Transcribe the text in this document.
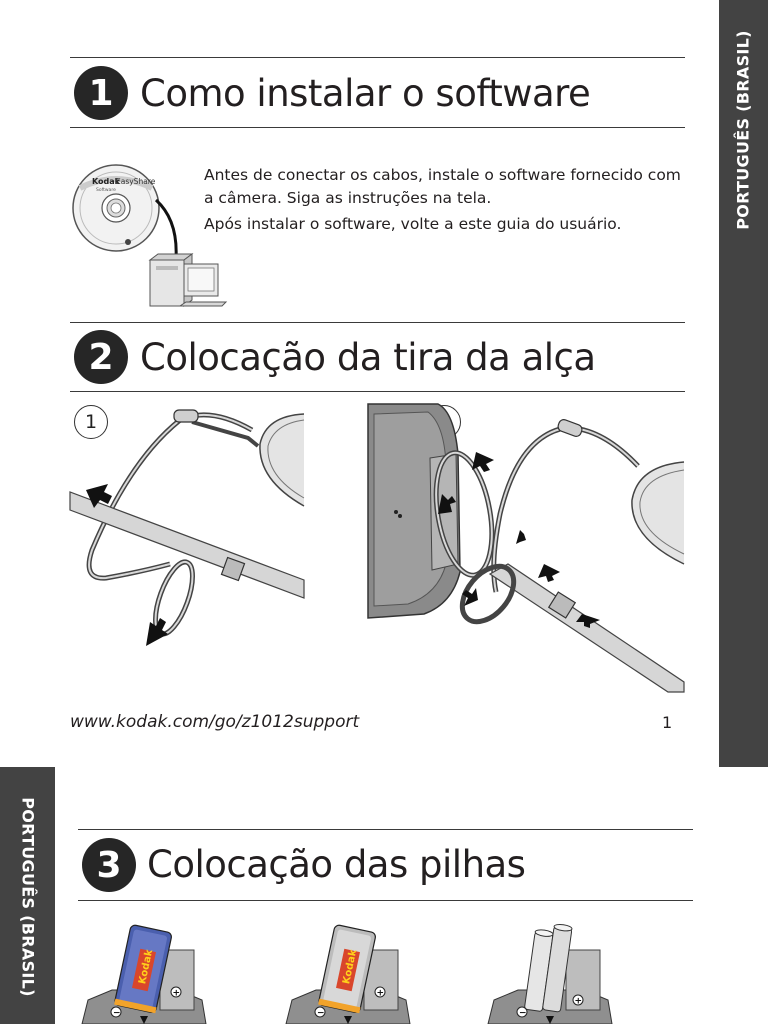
PORTUGUÊS (BRASIL)
1 Como instalar o software
Kodak
EasyShare
Software
Antes de conectar os cabos, instale o software fornecido com a câmera. Siga as instruções na tela.
Após instalar o software, volte a este guia do usuário.
2 Colocação da tira da alça
1
www.kodak.com/go/z1012support	1
PORTUGUÊS (BRASIL)	3 Colocação das pilhas
Kodak
+
−
Kodak
+
−
+
−
